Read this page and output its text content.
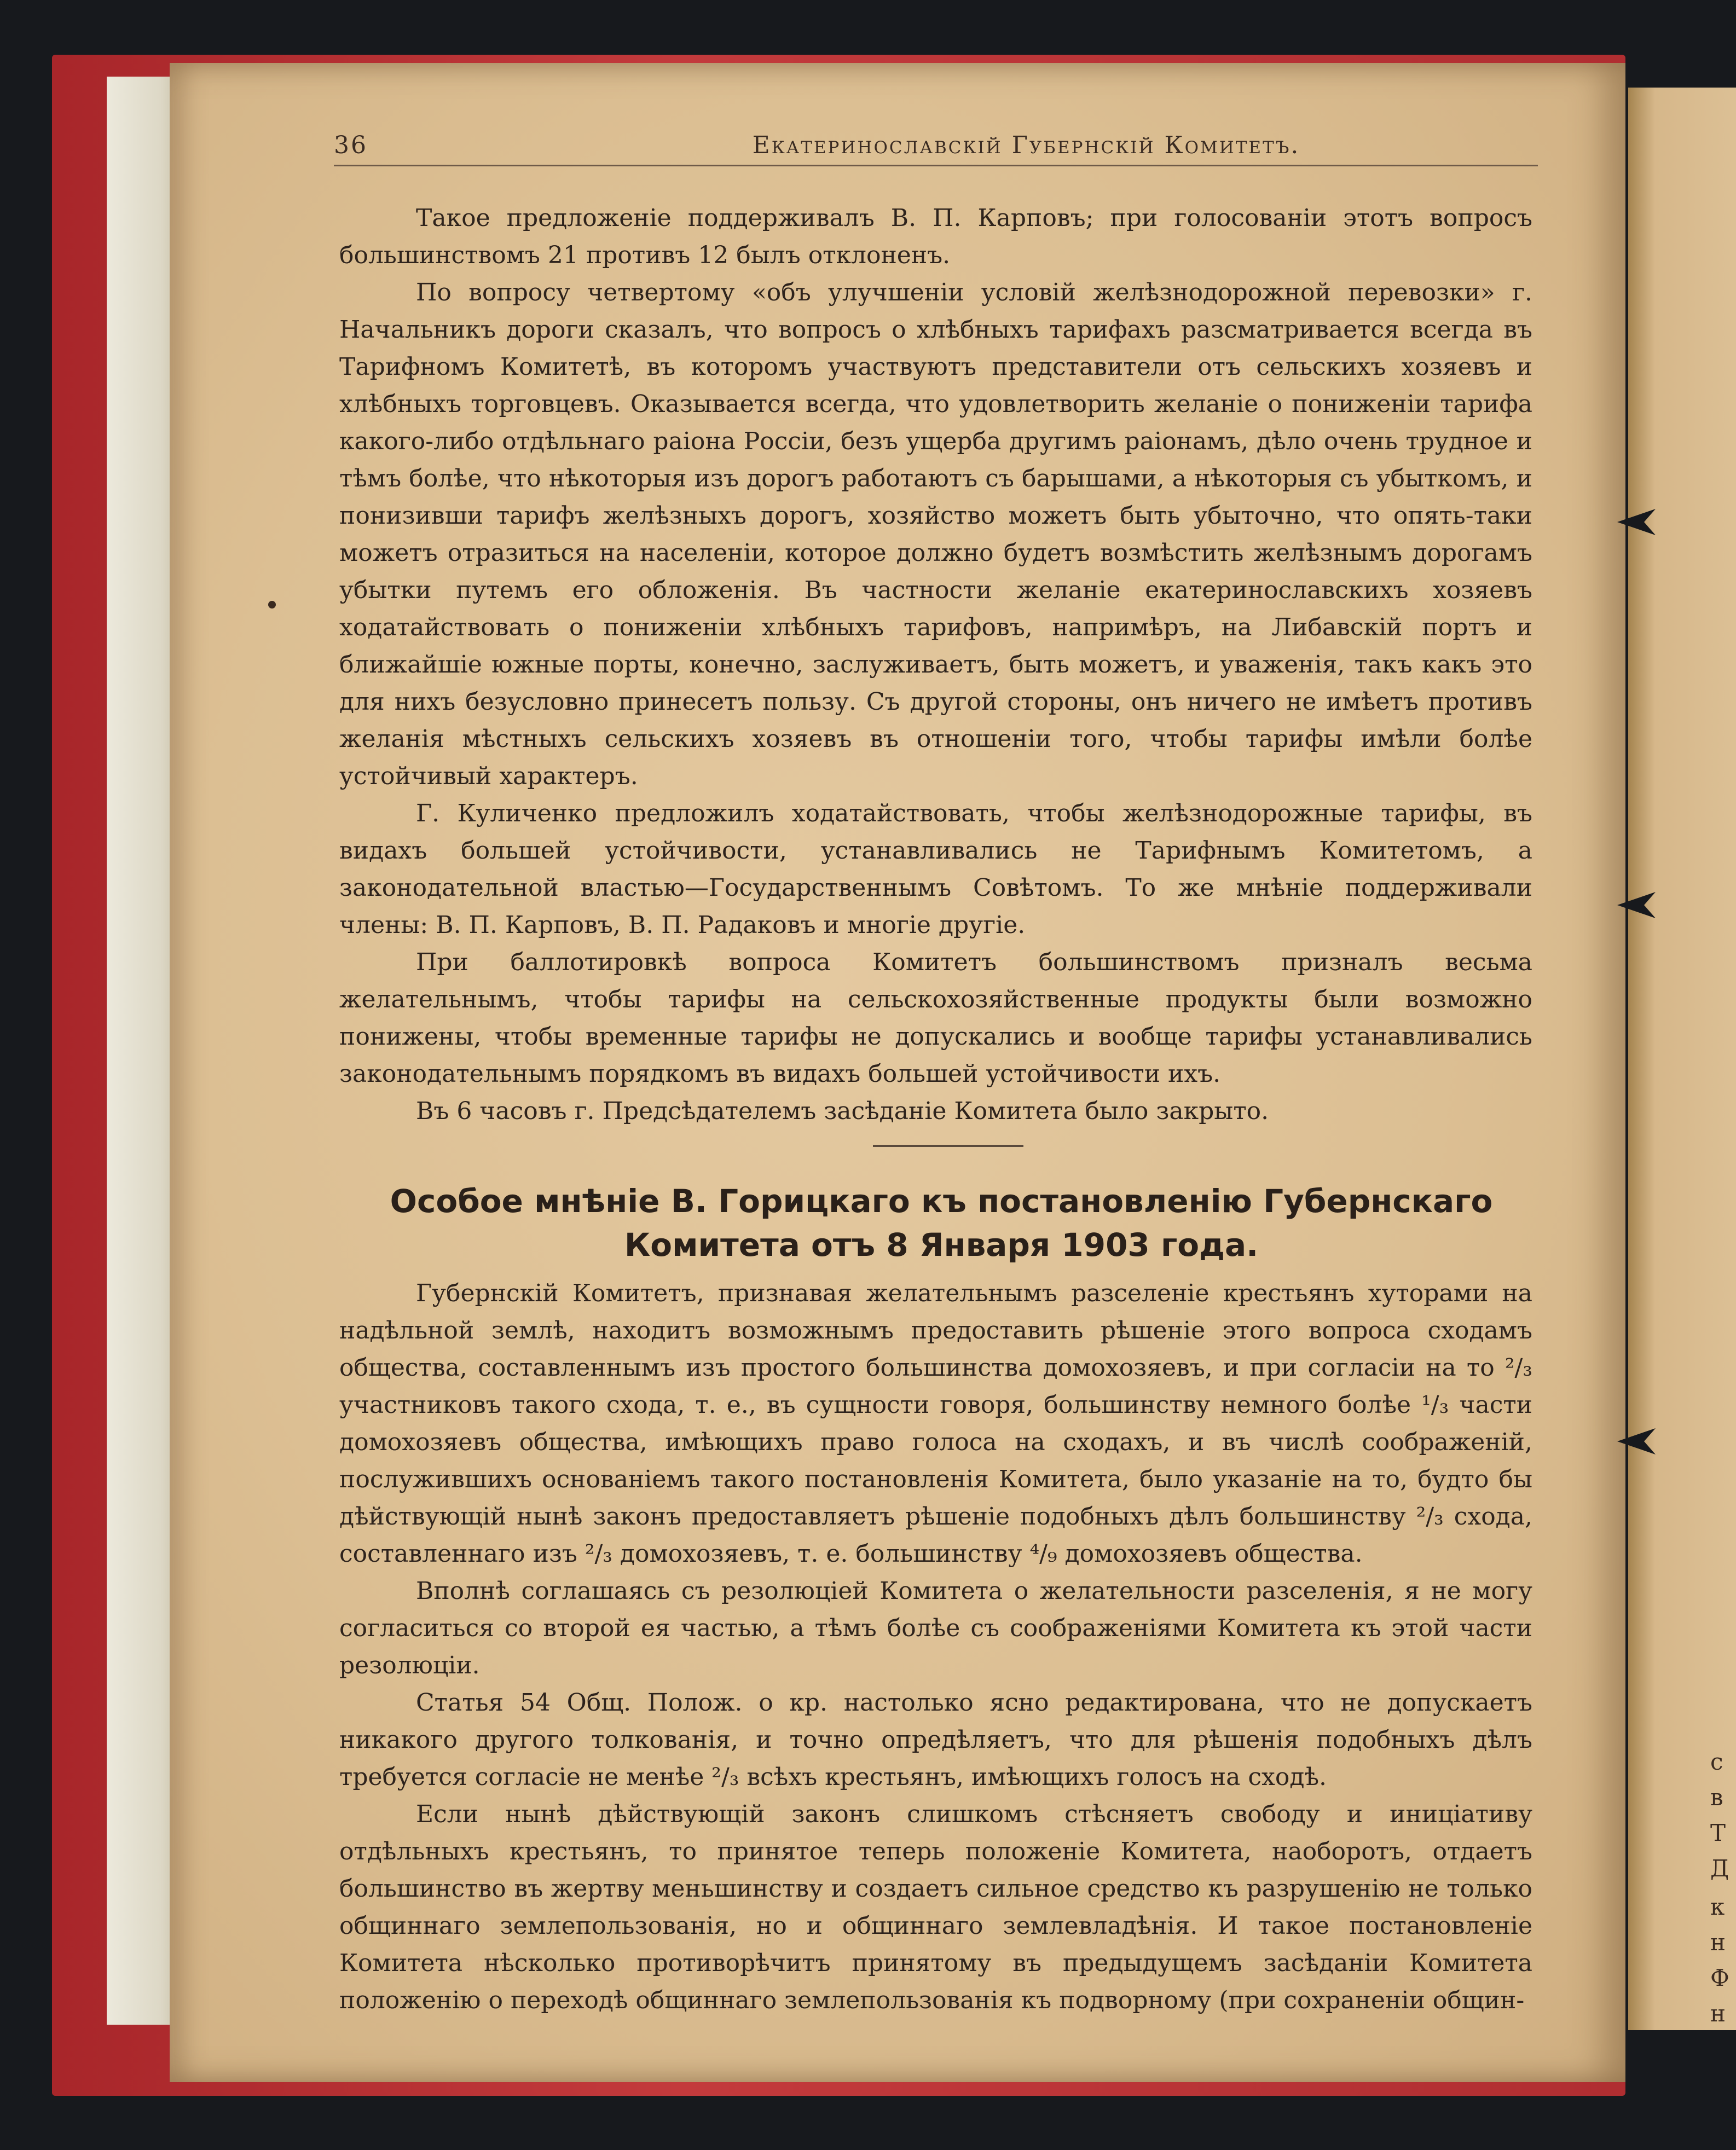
с
в
Т
Д
к
н
Ф
н
36	Екатеринославскій Губернскій Комитетъ.

Такое предложеніе поддерживалъ В. П. Карповъ; при голосованіи этотъ вопросъ большинствомъ 21 противъ 12 былъ отклоненъ.

По вопросу четвертому «объ улучшеніи условій желѣзнодорожной перевозки» г. Начальникъ дороги сказалъ, что вопросъ о хлѣбныхъ тарифахъ разсматривается всегда въ Тарифномъ Комитетѣ, въ которомъ участвуютъ представители отъ сельскихъ хозяевъ и хлѣбныхъ торговцевъ. Оказывается всегда, что удовлетворить желаніе о пониженіи тарифа какого-либо отдѣльнаго раіона Россіи, безъ ущерба другимъ раіонамъ, дѣло очень трудное и тѣмъ болѣе, что нѣкоторыя изъ дорогъ работаютъ съ барышами, а нѣкоторыя съ убыткомъ, и понизивши тарифъ желѣзныхъ дорогъ, хозяйство можетъ быть убыточно, что опять-таки можетъ отразиться на населеніи, которое должно будетъ возмѣстить желѣзнымъ дорогамъ убытки путемъ его обложенія. Въ частности желаніе екатеринославскихъ хозяевъ ходатайствовать о пониженіи хлѣбныхъ тарифовъ, напримѣръ, на Либавскій портъ и ближайшіе южные порты, конечно, заслуживаетъ, быть можетъ, и уваженія, такъ какъ это для нихъ безусловно принесетъ пользу. Съ другой стороны, онъ ничего не имѣетъ противъ желанія мѣстныхъ сельскихъ хозяевъ въ отношеніи того, чтобы тарифы имѣли болѣе устойчивый характеръ.

Г. Куличенко предложилъ ходатайствовать, чтобы желѣзнодорожные тарифы, въ видахъ большей устойчивости, устанавливались не Тарифнымъ Комитетомъ, а законодательной властью—Государственнымъ Совѣтомъ. То же мнѣніе поддерживали члены: В. П. Карповъ, В. П. Радаковъ и многіе другіе.

При баллотировкѣ вопроса Комитетъ большинствомъ призналъ весьма желательнымъ, чтобы тарифы на сельскохозяйственные продукты были возможно понижены, чтобы временные тарифы не допускались и вообще тарифы устанавливались законодательнымъ порядкомъ въ видахъ большей устойчивости ихъ.

Въ 6 часовъ г. Предсѣдателемъ засѣданіе Комитета было закрыто.

Особое мнѣніе В. Горицкаго къ постановленію Губернскаго
Комитета отъ 8 Января 1903 года.

Губернскій Комитетъ, признавая желательнымъ разселеніе крестьянъ хуторами на надѣльной землѣ, находитъ возможнымъ предоставить рѣшеніе этого вопроса сходамъ общества, составленнымъ изъ простого большинства домохозяевъ, и при согласіи на то ²/₃ участниковъ такого схода, т. е., въ сущности говоря, большинству немного болѣе ¹/₃ части домохозяевъ общества, имѣющихъ право голоса на сходахъ, и въ числѣ соображеній, послужившихъ основаніемъ такого постановленія Комитета, было указаніе на то, будто бы дѣйствующій нынѣ законъ предоставляетъ рѣшеніе подобныхъ дѣлъ большинству ²/₃ схода, составленнаго изъ ²/₃ домохозяевъ, т. е. большинству ⁴/₉ домохозяевъ общества.

Вполнѣ соглашаясь съ резолюціей Комитета о желательности разселенія, я не могу согласиться со второй ея частью, а тѣмъ болѣе съ соображеніями Комитета къ этой части резолюціи.

Статья 54 Общ. Полож. о кр. настолько ясно редактирована, что не допускаетъ никакого другого толкованія, и точно опредѣляетъ, что для рѣшенія подобныхъ дѣлъ требуется согласіе не менѣе ²/₃ всѣхъ крестьянъ, имѣющихъ голосъ на сходѣ.

Если нынѣ дѣйствующій законъ слишкомъ стѣсняетъ свободу и иниціативу отдѣльныхъ крестьянъ, то принятое теперь положеніе Комитета, наоборотъ, отдаетъ большинство въ жертву меньшинству и создаетъ сильное средство къ разрушенію не только общиннаго землепользованія, но и общиннаго землевладѣнія. И такое постановленіе Комитета нѣсколько противорѣчитъ принятому въ предыдущемъ засѣданіи Комитета положенію о переходѣ общиннаго землепользованія къ подворному (при сохраненіи общин-
